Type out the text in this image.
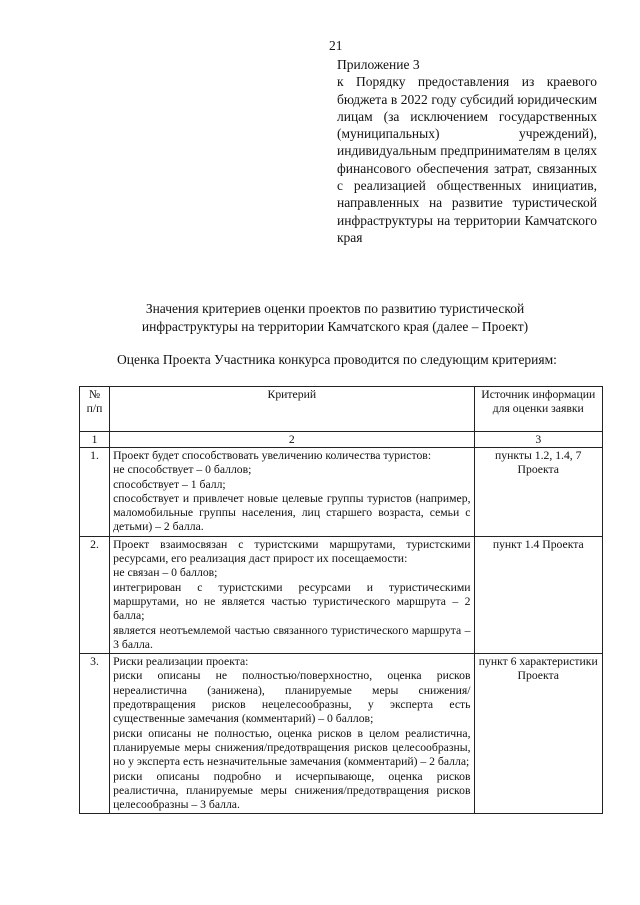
21
Приложение 3
к Порядку предоставления из краевого бюджета в 2022 году субсидий юридическим лицам (за исключением государственных (муниципальных) учреждений), индивидуальным предпринимателям в целях финансового обеспечения затрат, связанных с реализацией общественных инициатив, направленных на развитие туристической инфраструктуры на территории Камчатского края
Значения критериев оценки проектов по развитию туристической
инфраструктуры на территории Камчатского края (далее – Проект)
Оценка Проекта Участника конкурса проводится по следующим критериям:
№ п/п	Критерий	Источник информации для оценки заявки
1	2	3
1.	Проект будет способствовать увеличению количества туристов:
не способствует – 0 баллов;
способствует – 1 балл;
способствует и привлечет новые целевые группы туристов (например, маломобильные группы населения, лиц старшего возраста, семьи с детьми) – 2 балла.	пункты 1.2, 1.4, 7 Проекта
2.	Проект взаимосвязан с туристскими маршрутами, туристскими ресурсами, его реализация даст прирост их посещаемости:
не связан – 0 баллов;
интегрирован с туристскими ресурсами и туристическими маршрутами, но не является частью туристического маршрута – 2 балла;
является неотъемлемой частью связанного туристического маршрута – 3 балла.	пункт 1.4 Проекта
3.	Риски реализации проекта:
риски описаны не полностью/поверхностно, оценка рисков нереалистична (занижена), планируемые меры снижения/предотвращения рисков нецелесообразны, у эксперта есть существенные замечания (комментарий) – 0 баллов;
риски описаны не полностью, оценка рисков в целом реалистична, планируемые меры снижения/предотвращения рисков целесообразны, но у эксперта есть незначительные замечания (комментарий) – 2 балла;
риски описаны подробно и исчерпывающе, оценка рисков реалистична, планируемые меры снижения/предотвращения рисков целесообразны – 3 балла.	пункт 6 характеристики Проекта
